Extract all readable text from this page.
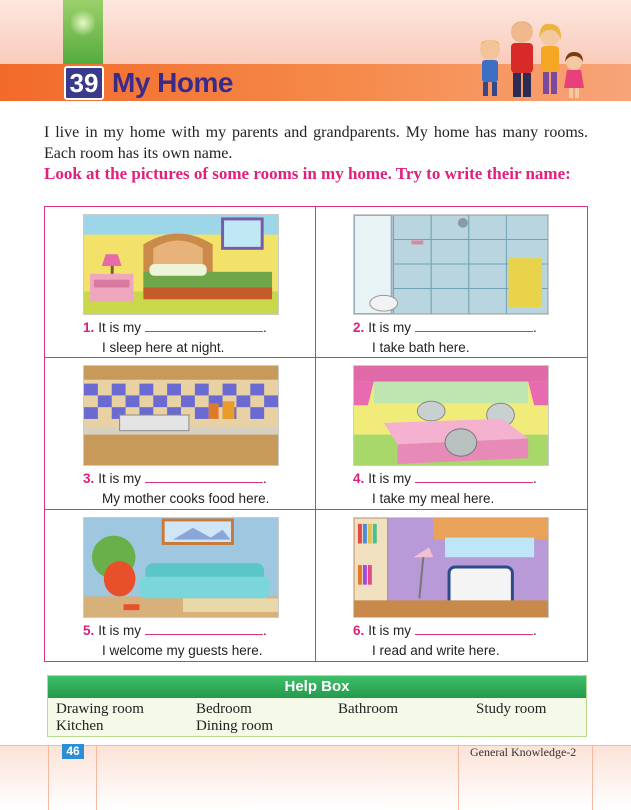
39 My Home

I live in my home with my parents and grandparents. My home has many rooms. Each room has its own name.

Look at the pictures of some rooms in my home. Try to write their name:

1. It is my	.
I sleep here at night.
2. It is my	.
I take bath here.
3. It is my	.
My mother cooks food here.
4. It is my	.
I take my meal here.
5. It is my	.
I welcome my guests here.
6. It is my	.
I read and write here.
Help Box
Drawing room	Bedroom	Bathroom	Study room
Kitchen	Dining room
46	General Knowledge-2
